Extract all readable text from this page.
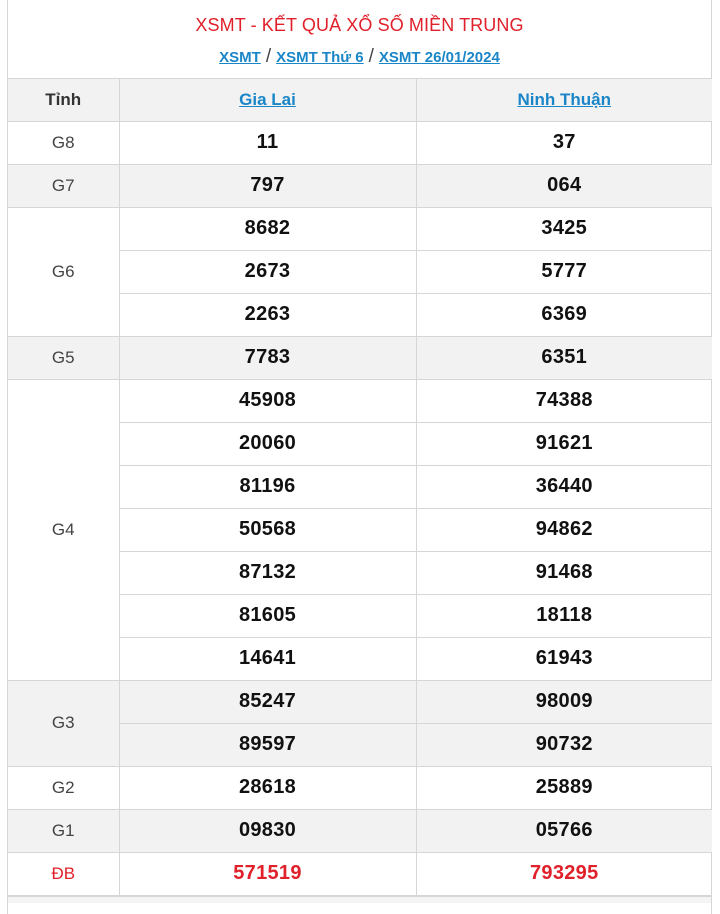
XSMT - KẾT QUẢ XỔ SỐ MIỀN TRUNG
XSMT / XSMT Thứ 6 / XSMT 26/01/2024
Tỉnh	Gia Lai	Ninh Thuận
G8	11	37
G7	797	064
G6	8682	3425
	2673	5777
	2263	6369
G5	7783	6351
G4	45908	74388
	20060	91621
	81196	36440
	50568	94862
	87132	91468
	81605	18118
	14641	61943
G3	85247	98009
	89597	90732
G2	28618	25889
G1	09830	05766
ĐB	571519	793295
